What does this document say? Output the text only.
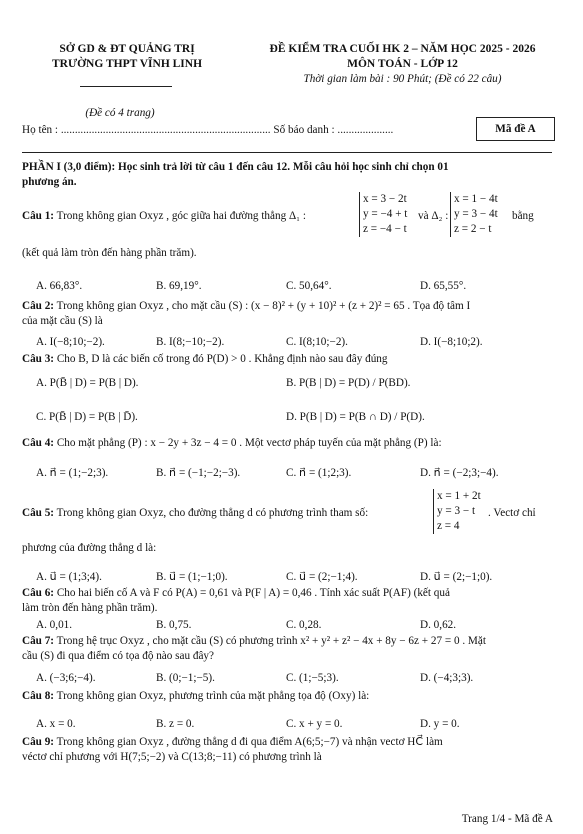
SỞ GD & ĐT QUẢNG TRỊ
TRƯỜNG THPT VĨNH LINH
ĐỀ KIỂM TRA CUỐI HK 2 – NĂM HỌC 2025 - 2026
MÔN TOÁN - LỚP 12
Thời gian làm bài : 90 Phút; (Đề có 22 câu)
(Đề có 4 trang)
Họ tên : ........................................................................... Số báo danh : ....................	Mã đề A
PHẦN I (3,0 điểm): Học sinh trả lời từ câu 1 đến câu 12. Mỗi câu hỏi học sinh chỉ chọn 01
phương án.
Câu 1: Trong không gian Oxyz , góc giữa hai đường thẳng Δ₁ :
x = 3 − 2t
y = −4 + t
z = −4 − t
và Δ₂ :
x = 1 − 4t
y = 3 − 4t
z = 2 − t
bằng
(kết quả làm tròn đến hàng phần trăm).
A. 66,83°.	B. 69,19°.	C. 50,64°.	D. 65,55°.
Câu 2: Trong không gian Oxyz , cho mặt cầu (S) : (x − 8)² + (y + 10)² + (z + 2)² = 65 . Tọa độ tâm I
của mặt cầu (S) là
A. I(−8;10;−2).	B. I(8;−10;−2).	C. I(8;10;−2).	D. I(−8;10;2).
Câu 3: Cho B, D là các biến cố trong đó P(D) > 0 . Khẳng định nào sau đây đúng
A. P(B̄ | D) = P(B | D).	B. P(B | D) = P(D) / P(BD).
C. P(B̄ | D) = P(B | D̄).	D. P(B | D) = P(B ∩ D) / P(D).
Câu 4: Cho mặt phẳng (P) : x − 2y + 3z − 4 = 0 . Một vectơ pháp tuyến của mặt phẳng (P) là:
A. n⃗ = (1;−2;3).	B. n⃗ = (−1;−2;−3).	C. n⃗ = (1;2;3).	D. n⃗ = (−2;3;−4).
Câu 5: Trong không gian Oxyz, cho đường thẳng d có phương trình tham số:
x = 1 + 2t
y = 3 − t
z = 4
. Vectơ chỉ
phương của đường thẳng d là:
A. u⃗ = (1;3;4).	B. u⃗ = (1;−1;0).	C. u⃗ = (2;−1;4).	D. u⃗ = (2;−1;0).
Câu 6: Cho hai biến cố A và F có P(A) = 0,61 và P(F | A) = 0,46 . Tính xác suất P(AF) (kết quả
làm tròn đến hàng phần trăm).
A. 0,01.	B. 0,75.	C. 0,28.	D. 0,62.
Câu 7: Trong hệ trục Oxyz , cho mặt cầu (S) có phương trình x² + y² + z² − 4x + 8y − 6z + 27 = 0 . Mặt
cầu (S) đi qua điểm có tọa độ nào sau đây?
A. (−3;6;−4).	B. (0;−1;−5).	C. (1;−5;3).	D. (−4;3;3).
Câu 8: Trong không gian Oxyz, phương trình của mặt phẳng tọa độ (Oxy) là:
A. x = 0.	B. z = 0.	C. x + y = 0.	D. y = 0.
Câu 9: Trong không gian Oxyz , đường thẳng d đi qua điểm A(6;5;−7) và nhận vectơ HC⃗ làm
véctơ chỉ phương với H(7;5;−2) và C(13;8;−11) có phương trình là
Trang 1/4 - Mã đề A
